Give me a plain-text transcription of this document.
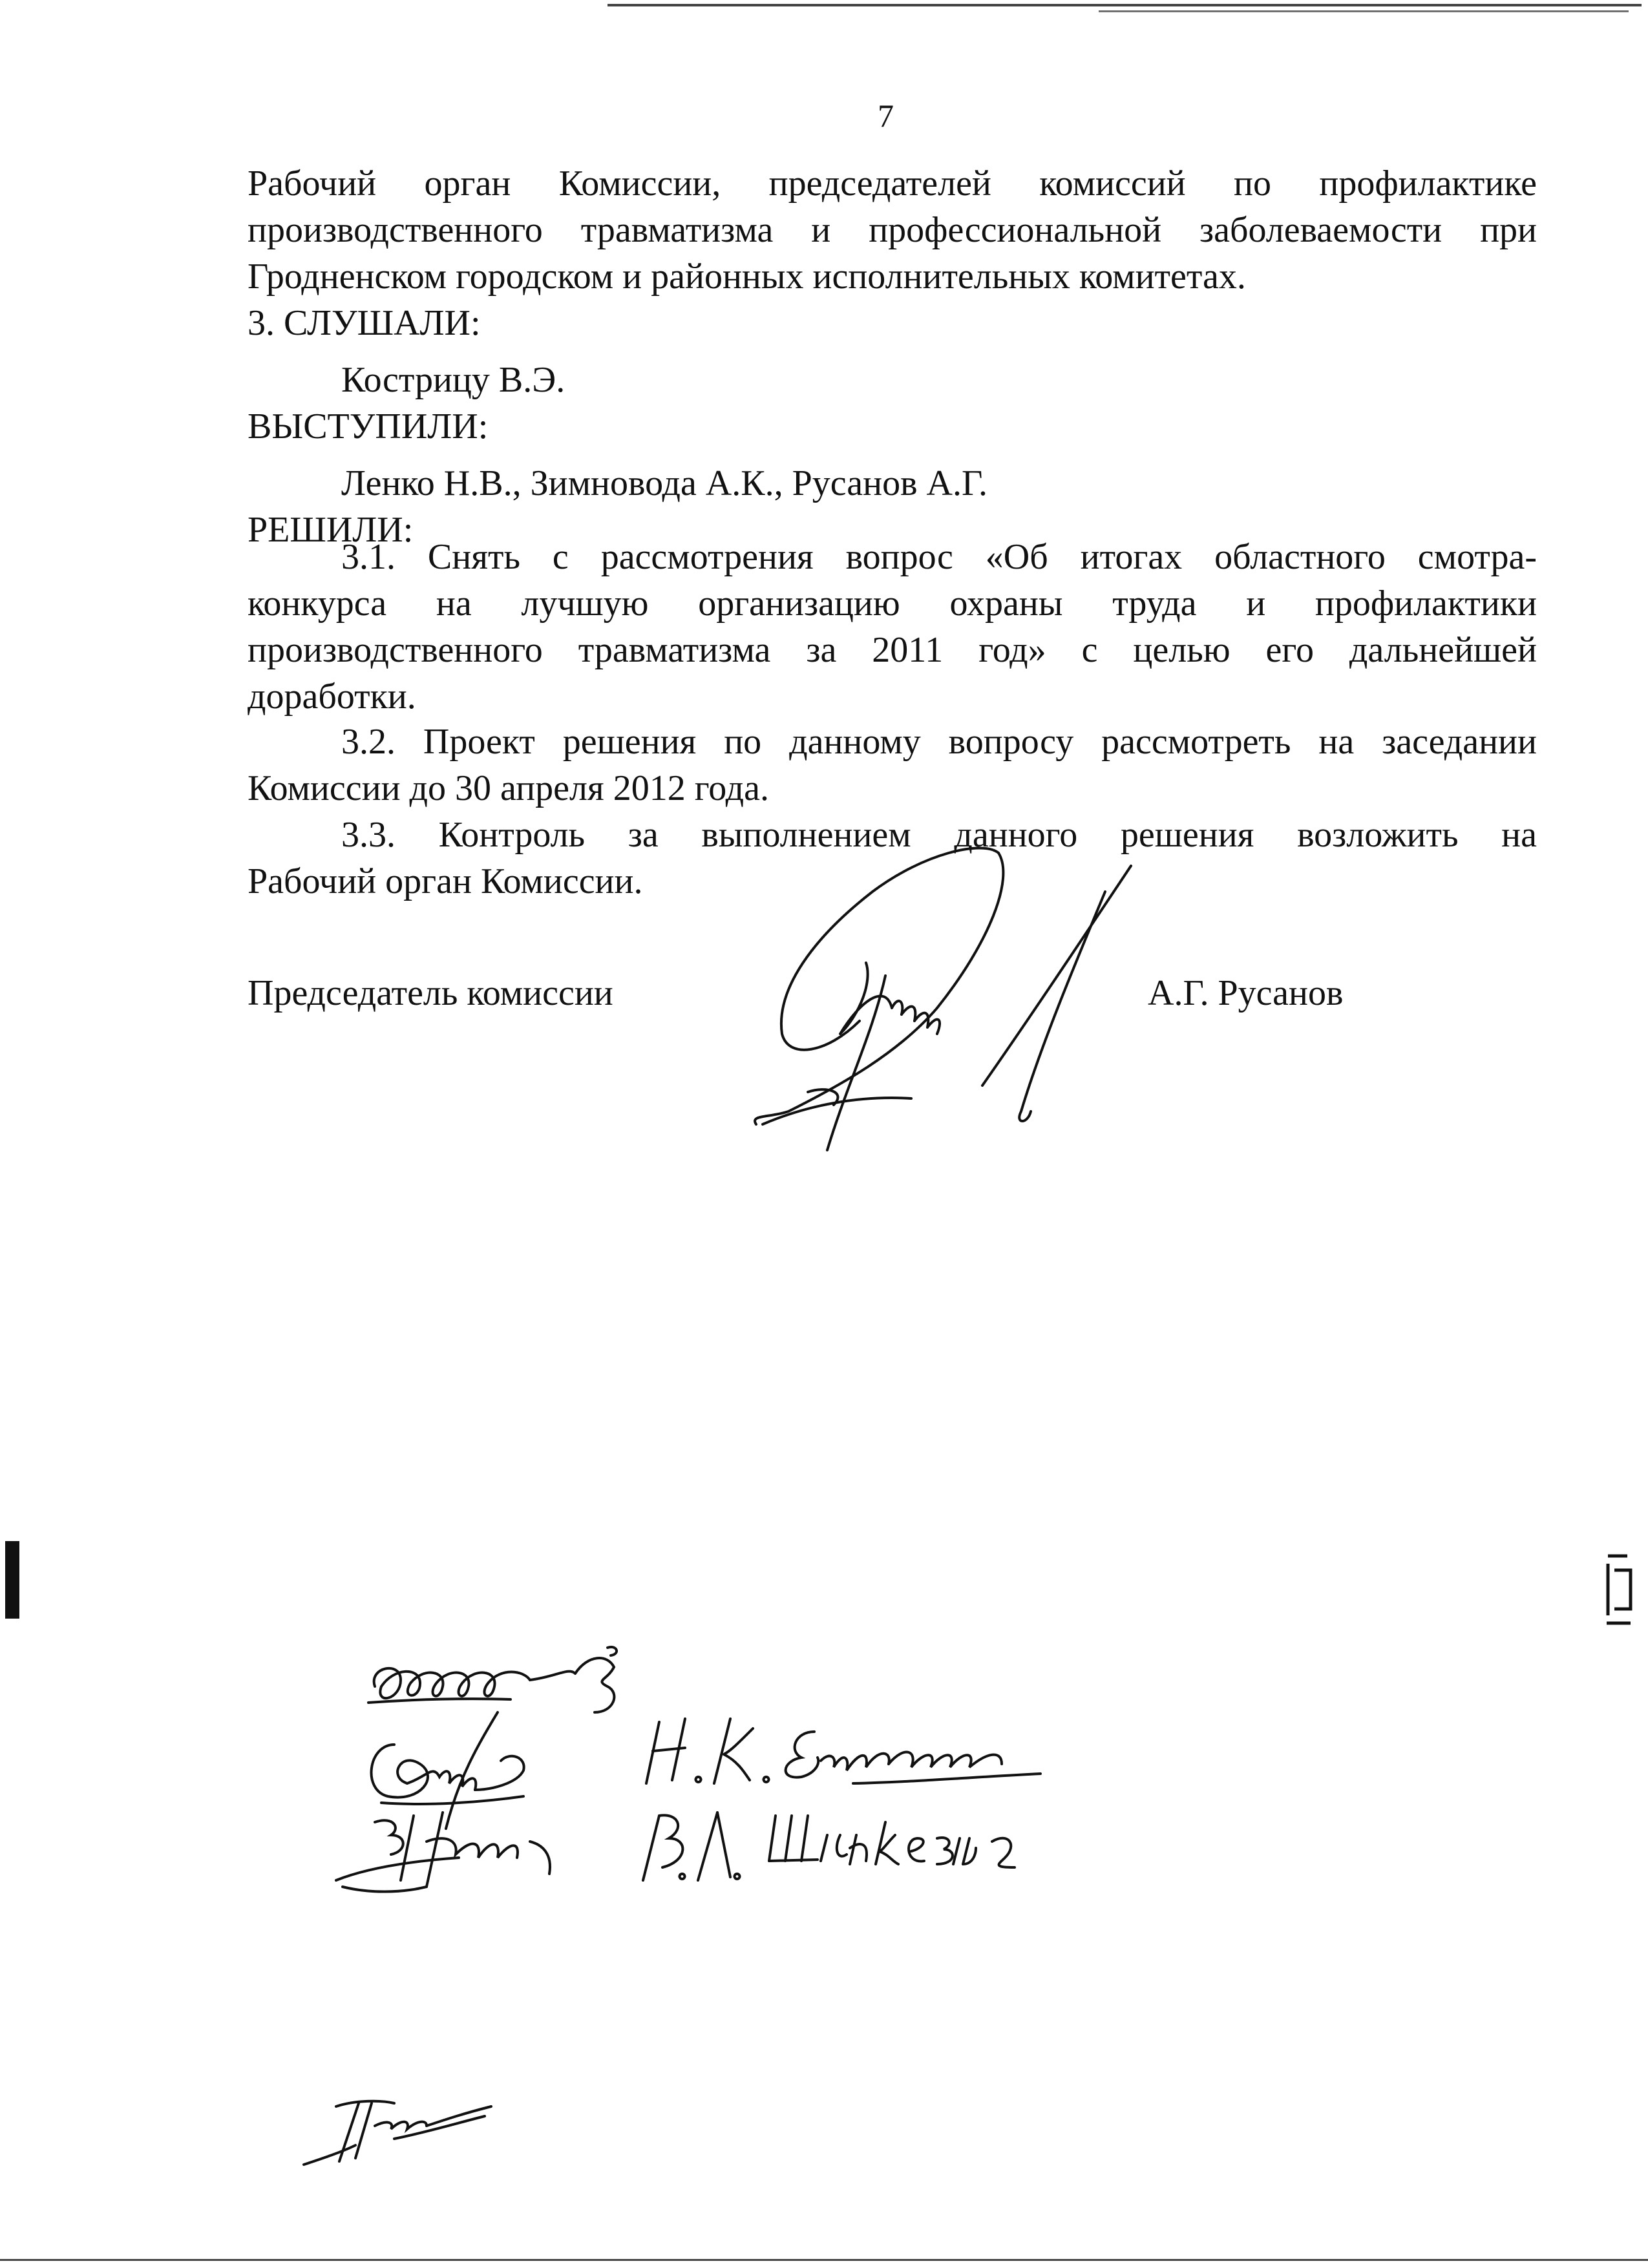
7
Рабочий орган Комиссии, председателей комиссий по профилактике
производственного травматизма и профессиональной заболеваемости при
Гродненском городском и районных исполнительных комитетах.
3. СЛУШАЛИ:
Кострицу В.Э.
ВЫСТУПИЛИ:
Ленко Н.В., Зимновода А.К., Русанов А.Г.
РЕШИЛИ:
3.1. Снять с рассмотрения вопрос «Об итогах областного смотра-
конкурса на лучшую организацию охраны труда и профилактики
производственного травматизма за 2011 год» с целью его дальнейшей
доработки.
3.2. Проект решения по данному вопросу рассмотреть на заседании
Комиссии до 30 апреля 2012 года.
3.3. Контроль за выполнением данного решения возложить на
Рабочий орган Комиссии.
Председатель комиссии	А.Г. Русанов
